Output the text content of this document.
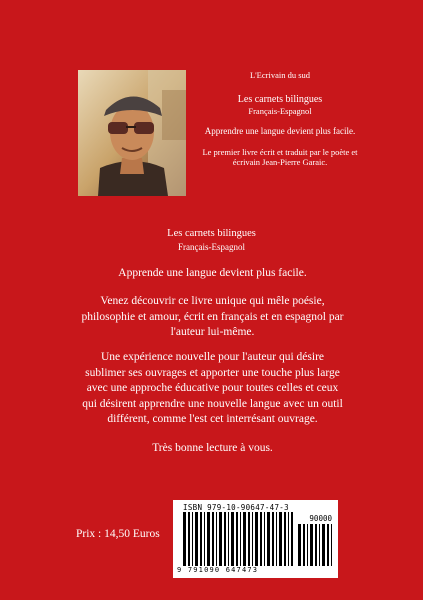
L'Ecrivain du sud
Les carnets bilingues
Français-Espagnol
Apprendre une langue devient plus facile.
Le premier livre écrit et traduit par le poète et écrivain Jean-Pierre Garaic.
Les carnets bilingues
Français-Espagnol
Apprende une langue devient plus facile.
Venez découvrir ce livre unique qui mêle poésie, philosophie et amour, écrit en français et en espagnol par l'auteur lui-même.
Une expérience nouvelle pour l'auteur qui désire sublimer ses ouvrages et apporter une touche plus large avec une approche éducative pour toutes celles et ceux qui désirent apprendre une nouvelle langue avec un outil différent, comme l'est cet interrésant ouvrage.
Très bonne lecture à vous.
Prix : 14,50 Euros
ISBN 979-10-90647-47-3
90000
9 791090 647473
